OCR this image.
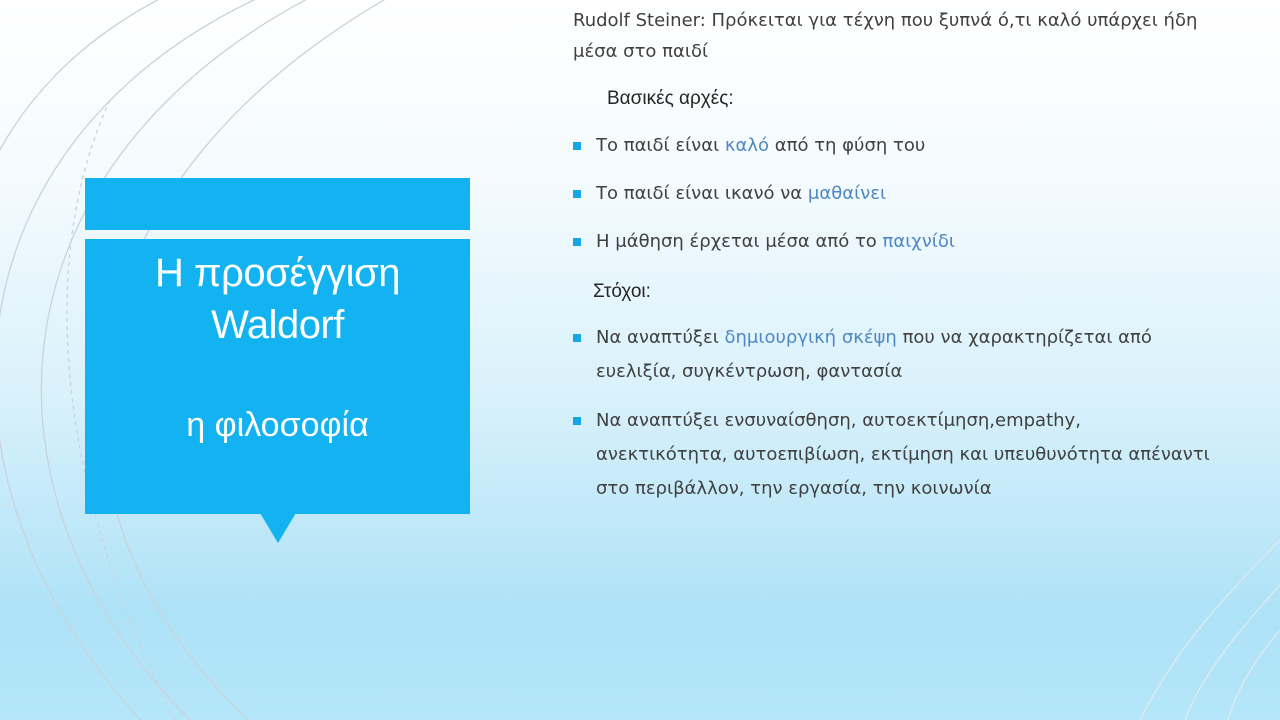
Η προσέγγιση Waldorf
η φιλοσοφία
Rudolf Steiner: Πρόκειται για τέχνη που ξυπνά ό,τι καλό υπάρχει ήδη μέσα στο παιδί
Βασικές αρχές:
Το παιδί είναι καλό από τη φύση του
Το παιδί είναι ικανό να μαθαίνει
Η μάθηση έρχεται μέσα από το παιχνίδι
Στόχοι:
Να αναπτύξει δημιουργική σκέψη που να χαρακτηρίζεται από ευελιξία, συγκέντρωση, φαντασία
Να αναπτύξει ενσυναίσθηση, αυτοεκτίμηση,empathy, ανεκτικότητα, αυτοεπιβίωση, εκτίμηση και υπευθυνότητα απέναντι στο περιβάλλον, την εργασία, την κοινωνία
